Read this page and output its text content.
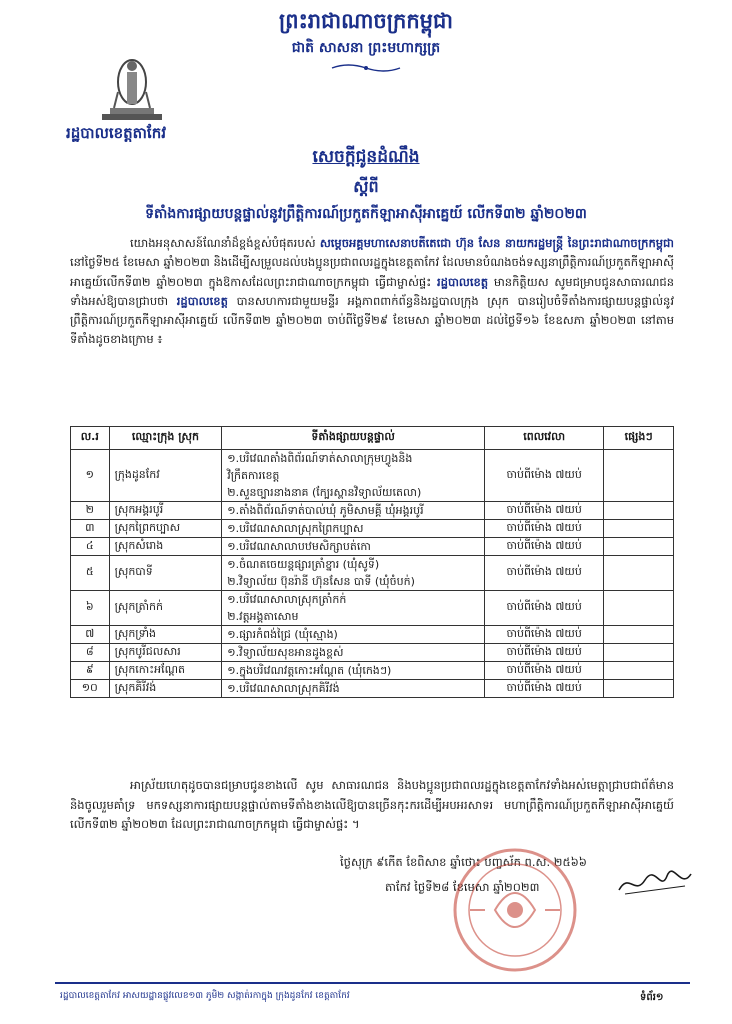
ព្រះរាជាណាចក្រកម្ពុជា
ជាតិ សាសនា ព្រះមហាក្សត្រ
រដ្ឋបាលខេត្តតាកែវ
សេចក្តីជូនដំណឹង
ស្តីពី
ទីតាំងការផ្សាយបន្តផ្ទាល់នូវព្រឹត្តិការណ៍ប្រកួតកីឡាអាស៊ីអាគ្នេយ៍ លើកទី៣២ ឆ្នាំ២០២៣
យោងអនុសាសន៍ណែនាំដ៏ខ្ពង់ខ្ពស់បំផុតរបស់ សម្តេចអគ្គមហាសេនាបតីតេជោ ហ៊ុន សែន នាយករដ្ឋមន្ត្រី នៃព្រះរាជាណាចក្រកម្ពុជា នៅថ្ងៃទី២៥ ខែមេសា ឆ្នាំ២០២៣ និងដើម្បីសម្រួលដល់បងប្អូនប្រជាពលរដ្ឋក្នុងខេត្តតាកែវ ដែលមានបំណងចង់ទស្សនាព្រឹត្តិការណ៍ប្រកួតកីឡាអាស៊ីអាគ្នេយ៍លើកទី៣២ ឆ្នាំ២០២៣ ក្នុងឱកាសដែលព្រះរាជាណាចក្រកម្ពុជា ធ្វើជាម្ចាស់ផ្ទះ រដ្ឋបាលខេត្ត មានកិត្តិយស សូមជម្រាបជូនសាធារណជនទាំងអស់ឱ្យបានជ្រាបថា រដ្ឋបាលខេត្ត បានសហការជាមួយមន្ទីរ អង្គភាពពាក់ព័ន្ធនិងរដ្ឋបាលក្រុង ស្រុក បានរៀបចំទីតាំងការផ្សាយបន្តផ្ទាល់នូវព្រឹត្តិការណ៍ប្រកួតកីឡាអាស៊ីអាគ្នេយ៍ លើកទី៣២ ឆ្នាំ២០២៣ ចាប់ពីថ្ងៃទី២៩ ខែមេសា ឆ្នាំ២០២៣ ដល់ថ្ងៃទី១៦ ខែឧសភា ឆ្នាំ២០២៣ នៅតាមទីតាំងដូចខាងក្រោម ៖
ល.រ	ឈ្មោះក្រុង ស្រុក	ទីតាំងផ្សាយបន្តផ្ទាល់	ពេលវេលា	ផ្សេងៗ
១	ក្រុងដូនកែវ	១.បរិវេណតាំងពិព័រណ៍ទាត់សាលាក្រុមហ្វូងនិង
វិក្រឹតការខេត្ត
២.សួនច្បារនាងនាគ (ក្បែរស្ពានវិទ្យាល័យតេលា)	ចាប់ពីម៉ោង ៧យប់	
២	ស្រុកអង្គរបូរី	១.តាំងពិព័រណ៍ទាត់បាល់ឃុំ ភូមិសាមគ្គី ឃុំអង្គរបូរី	ចាប់ពីម៉ោង ៧យប់	
៣	ស្រុកព្រៃកប្បាស	១.បរិវេណសាលាស្រុកព្រៃកប្បាស	ចាប់ពីម៉ោង ៧យប់	
៤	ស្រុកសំរោង	១.បរិវេណសាលាបឋមសិក្សាបត់កោ	ចាប់ពីម៉ោង ៧យប់	
៥	ស្រុកបាទី	១.ចំណតចេយន្តផ្សារត្រាំខ្នារ (ឃុំសូទី)
២.វិទ្យាល័យ ប៊ុនរ៉ានី ហ៊ុនសែន បាទី (ឃុំចំបក់)	ចាប់ពីម៉ោង ៧យប់	
៦	ស្រុកត្រាំកក់	១.បរិវេណសាលាស្រុកត្រាំកក់
២.វត្តអង្គតាសោម	ចាប់ពីម៉ោង ៧យប់	
៧	ស្រុកទ្រាំង	១.ផ្សារកំពង់ជ្រៃ (ឃុំស្មោង)	ចាប់ពីម៉ោង ៧យប់	
៨	ស្រុកបូរីជលសារ	១.វិទ្យាល័យសុខអានដូងខ្ពស់	ចាប់ពីម៉ោង ៧យប់	
៩	ស្រុកកោះអណ្តែត	១.ក្នុងបរិវេណវត្តកោះអណ្តែត (ឃុំកេងៗ)	ចាប់ពីម៉ោង ៧យប់	
១០	ស្រុកគិរីវង់	១.បរិវេណសាលាស្រុកគិរីវង់	ចាប់ពីម៉ោង ៧យប់	
អាស្រ័យហេតុដូចបានជម្រាបជូនខាងលើ សូម សាធារណជន និងបងប្អូនប្រជាពលរដ្ឋក្នុងខេត្តតាកែវទាំងអស់មេត្តាជ្រាបជាព័ត៌មាន និងចូលរួមគាំទ្រ មកទស្សនាការផ្សាយបន្តផ្ទាល់តាមទីតាំងខាងលើឱ្យបានច្រើនកុះករដើម្បីអបអរសាទរ មហាព្រឹត្តិការណ៍ប្រកួតកីឡាអាស៊ីអាគ្នេយ៍លើកទី៣២ ឆ្នាំ២០២៣ ដែលព្រះរាជាណាចក្រកម្ពុជា ធ្វើជាម្ចាស់ផ្ទះ ។
ថ្ងៃសុក្រ ៩កើត ខែពិសាខ ឆ្នាំថោះ បញ្ចស័ក ព.ស. ២៥៦៦
តាកែវ ថ្ងៃទី២៨ ខែមេសា ឆ្នាំ២០២៣
រដ្ឋបាលខេត្តតាកែវ អាសយដ្ឋានផ្លូវលេខ១៣ ភូមិ២ សង្កាត់រកាក្នុង ក្រុងដូនកែវ ខេត្តតាកែវ	ទំព័រ១
